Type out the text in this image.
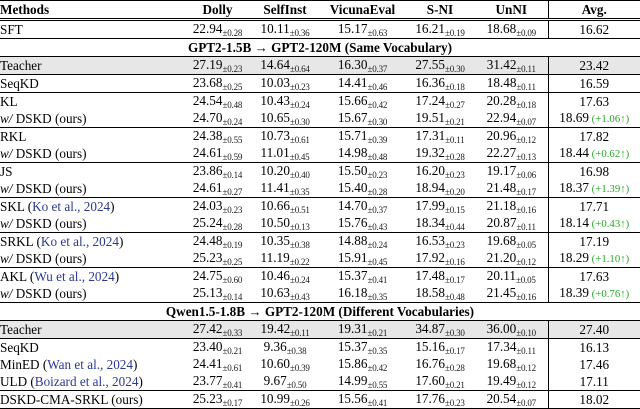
Methods	Dolly	SelfInst	VicunaEval	S-NI	UnNI	Avg.
SFT	$22.94_{\pm 0.28}$	$10.11_{\pm 0.36}$	$15.17_{\pm 0.63}$	$16.21_{\pm 0.19}$	$18.68_{\pm 0.09}$	16.62
GPT2-1.5B → GPT2-120M (Same Vocabulary)						
Teacher	$27.19_{\pm 0.23}$	$14.64_{\pm 0.64}$	$16.30_{\pm 0.37}$	$27.55_{\pm 0.30}$	$31.42_{\pm 0.11}$	23.42
SeqKD	$23.68_{\pm 0.25}$	$10.03_{\pm 0.23}$	$14.41_{\pm 0.46}$	$16.36_{\pm 0.18}$	$18.48_{\pm 0.11}$	16.59
KL	$24.54_{\pm 0.48}$	$10.43_{\pm 0.24}$	$15.66_{\pm 0.42}$	$17.24_{\pm 0.27}$	$20.28_{\pm 0.18}$	17.63
w/ DSKD (ours)	$24.70_{\pm 0.24}$	$10.65_{\pm 0.30}$	$15.67_{\pm 0.30}$	$19.51_{\pm 0.21}$	$22.94_{\pm 0.07}$	18.69 (+1.06↑)
RKL	$24.38_{\pm 0.55}$	$10.73_{\pm 0.61}$	$15.71_{\pm 0.39}$	$17.31_{\pm 0.11}$	$20.96_{\pm 0.12}$	17.82
w/ DSKD (ours)	$24.61_{\pm 0.59}$	$11.01_{\pm 0.45}$	$14.98_{\pm 0.48}$	$19.32_{\pm 0.28}$	$22.27_{\pm 0.13}$	18.44 (+0.62↑)
JS	$23.86_{\pm 0.14}$	$10.20_{\pm 0.40}$	$15.50_{\pm 0.23}$	$16.20_{\pm 0.23}$	$19.17_{\pm 0.06}$	16.98
w/ DSKD (ours)	$24.61_{\pm 0.27}$	$11.41_{\pm 0.35}$	$15.40_{\pm 0.28}$	$18.94_{\pm 0.20}$	$21.48_{\pm 0.17}$	18.37 (+1.39↑)
SKL (Ko et al., 2024)	$24.03_{\pm 0.23}$	$10.66_{\pm 0.51}$	$14.70_{\pm 0.37}$	$17.99_{\pm 0.15}$	$21.18_{\pm 0.16}$	17.71
w/ DSKD (ours)	$25.24_{\pm 0.28}$	$10.50_{\pm 0.13}$	$15.76_{\pm 0.43}$	$18.34_{\pm 0.44}$	$20.87_{\pm 0.11}$	18.14 (+0.43↑)
SRKL (Ko et al., 2024)	$24.48_{\pm 0.19}$	$10.35_{\pm 0.38}$	$14.88_{\pm 0.24}$	$16.53_{\pm 0.23}$	$19.68_{\pm 0.05}$	17.19
w/ DSKD (ours)	$25.23_{\pm 0.25}$	$11.19_{\pm 0.22}$	$15.91_{\pm 0.45}$	$17.92_{\pm 0.16}$	$21.20_{\pm 0.12}$	18.29 (+1.10↑)
AKL (Wu et al., 2024)	$24.75_{\pm 0.60}$	$10.46_{\pm 0.24}$	$15.37_{\pm 0.41}$	$17.48_{\pm 0.17}$	$20.11_{\pm 0.05}$	17.63
w/ DSKD (ours)	$25.13_{\pm 0.14}$	$10.63_{\pm 0.43}$	$16.18_{\pm 0.35}$	$18.58_{\pm 0.48}$	$21.45_{\pm 0.16}$	18.39 (+0.76↑)
Qwen1.5-1.8B → GPT2-120M (Different Vocabularies)						
Teacher	$27.42_{\pm 0.33}$	$19.42_{\pm 0.11}$	$19.31_{\pm 0.21}$	$34.87_{\pm 0.30}$	$36.00_{\pm 0.10}$	27.40
SeqKD	$23.40_{\pm 0.21}$	$9.36_{\pm 0.38}$	$15.37_{\pm 0.35}$	$15.16_{\pm 0.17}$	$17.34_{\pm 0.11}$	16.13
MinED (Wan et al., 2024)	$24.41_{\pm 0.61}$	$10.60_{\pm 0.39}$	$15.86_{\pm 0.42}$	$16.76_{\pm 0.28}$	$19.68_{\pm 0.12}$	17.46
ULD (Boizard et al., 2024)	$23.77_{\pm 0.41}$	$9.67_{\pm 0.50}$	$14.99_{\pm 0.55}$	$17.60_{\pm 0.21}$	$19.49_{\pm 0.12}$	17.11
DSKD-CMA-SRKL (ours)	$25.23_{\pm 0.17}$	$10.99_{\pm 0.26}$	$15.56_{\pm 0.41}$	$17.76_{\pm 0.23}$	$20.54_{\pm 0.07}$	18.02
